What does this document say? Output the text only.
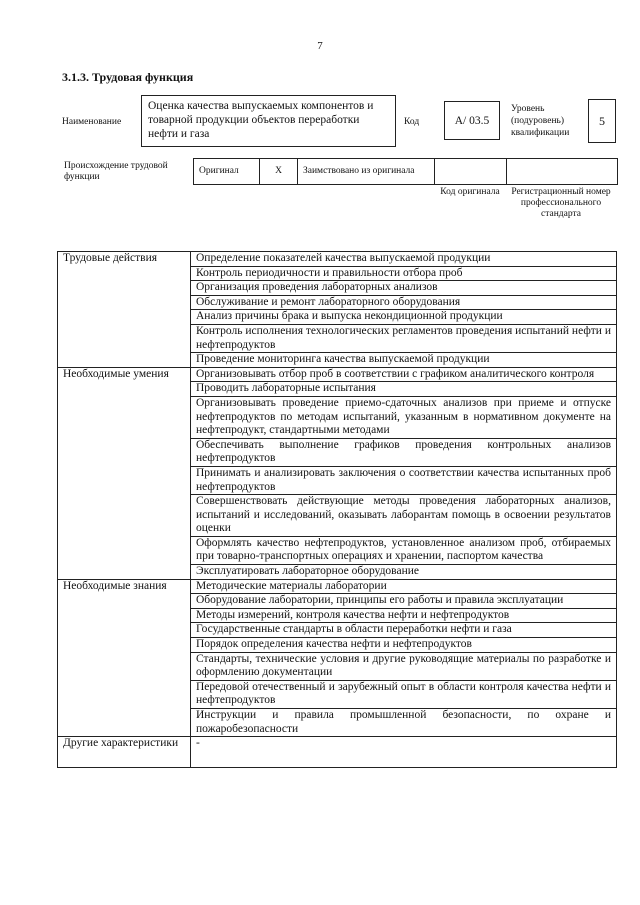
7
3.1.3. Трудовая функция
Наименование
Оценка качества выпускаемых компонентов и товарной продукции объектов переработки нефти и газа
Код	А/ 03.5
Уровень (подуровень) квалификации
5
Происхождение трудовой функции
Оригинал	X	Заимствовано из оригинала		
Код оригинала	Регистрационный номер профессионального стандарта
Трудовые действия	Определение показателей качества выпускаемой продукции
	Контроль периодичности и правильности отбора проб
	Организация проведения лабораторных анализов
	Обслуживание и ремонт лабораторного оборудования
	Анализ причины брака и выпуска некондиционной продукции
	Контроль исполнения технологических регламентов проведения испытаний нефти и нефтепродуктов
	Проведение мониторинга качества выпускаемой продукции
Необходимые умения	Организовывать отбор проб в соответствии с графиком аналитического контроля
	Проводить лабораторные испытания
	Организовывать проведение приемо-сдаточных анализов при приеме и отпуске нефтепродуктов по методам испытаний, указанным в нормативном документе на нефтепродукт, стандартными методами
	Обеспечивать выполнение графиков проведения контрольных анализов нефтепродуктов
	Принимать и анализировать заключения о соответствии качества испытанных проб нефтепродуктов
	Совершенствовать действующие методы проведения лабораторных анализов, испытаний и исследований, оказывать лаборантам помощь в освоении результатов оценки
	Оформлять качество нефтепродуктов, установленное анализом проб, отбираемых при товарно-транспортных операциях и хранении, паспортом качества
	Эксплуатировать лабораторное оборудование
Необходимые знания	Методические материалы лаборатории
	Оборудование лаборатории, принципы его работы и правила эксплуатации
	Методы измерений, контроля качества нефти и нефтепродуктов
	Государственные стандарты в области переработки нефти и газа
	Порядок определения качества нефти и нефтепродуктов
	Стандарты, технические условия и другие руководящие материалы по разработке и оформлению документации
	Передовой отечественный и зарубежный опыт в области контроля качества нефти и нефтепродуктов
	Инструкции и правила промышленной безопасности, по охране и пожаробезопасности
Другие характеристики	-
